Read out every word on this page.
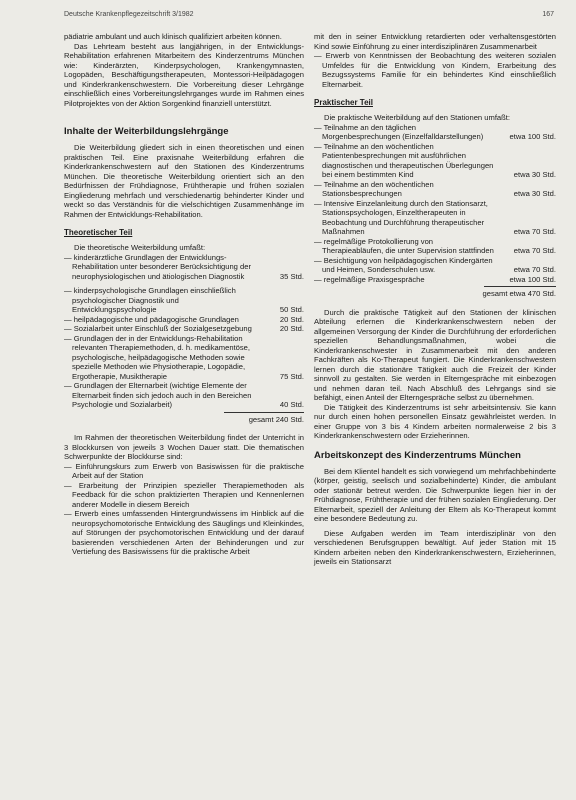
Deutsche Krankenpflegezeitschrift 3/1982	167

pädiatrie ambulant und auch klinisch qualifiziert arbeiten können.

Das Lehrteam besteht aus langjährigen, in der Entwicklungs-Rehabilitation erfahrenen Mitarbeitern des Kinderzentrums München wie: Kinderärzten, Kinderpsychologen, Krankengymnasten, Logopäden, Beschäftigungstherapeuten, Montessori-Heilpädagogen und Kinderkrankenschwestern. Die Vorbereitung dieser Lehrgänge einschließlich eines Vorbereitungslehrganges wurde im Rahmen eines Pilotprojektes von der Aktion Sorgenkind finanziell unterstützt.

Inhalte der Weiterbildungslehrgänge

Die Weiterbildung gliedert sich in einen theoretischen und einen praktischen Teil. Eine praxisnahe Weiterbildung erfahren die Kinderkrankenschwestern auf den Stationen des Kinderzentrums München. Die theoretische Weiterbildung orientiert sich an den Bedürfnissen der Frühdiagnose, Frühtherapie und frühen sozialen Eingliederung mehrfach und verschiedenartig behinderter Kinder und weckt so das Verständnis für die vielschichtigen Zusammenhänge im Rahmen der Entwicklungs-Rehabilitation.

Theoretischer Teil

Die theoretische Weiterbildung umfaßt:

— kinderärztliche Grundlagen der Entwicklungs-Rehabilitation unter besonderer Berücksichtigung der neurophysiologischen und ätiologischen Diagnostik	35 Std.
— kinderpsychologische Grundlagen einschließlich psychologischer Diagnostik und Entwicklungspsychologie	50 Std.
— heilpädagogische und pädagogische Grundlagen	20 Std.
— Sozialarbeit unter Einschluß der Sozialgesetzgebung	20 Std.
— Grundlagen der in der Entwicklungs-Rehabilitation relevanten Therapiemethoden, d. h. medikamentöse, psychologische, heilpädagogische Methoden sowie spezielle Methoden wie Physiotherapie, Logopädie, Ergotherapie, Musiktherapie	75 Std.
— Grundlagen der Elternarbeit (wichtige Elemente der Elternarbeit finden sich jedoch auch in den Bereichen Psychologie und Sozialarbeit)	40 Std.
gesamt 240 Std.

Im Rahmen der theoretischen Weiterbildung findet der Unterricht in 3 Blockkursen von jeweils 3 Wochen Dauer statt. Die thematischen Schwerpunkte der Blockkurse sind:

— Einführungskurs zum Erwerb von Basiswissen für die praktische Arbeit auf der Station

— Erarbeitung der Prinzipien spezieller Therapiemethoden als Feedback für die schon praktizierten Therapien und Kennenlernen anderer Modelle in diesem Bereich

— Erwerb eines umfassenden Hintergrundwissens im Hinblick auf die neuropsychomotorische Entwicklung des Säuglings und Kleinkindes, auf Störungen der psychomotorischen Entwicklung und der darauf basierenden verschiedenen Arten der Behinderungen und zur Vertiefung des Basiswissens für die praktische Arbeit

mit den in seiner Entwicklung retardierten oder verhaltensgestörten Kind sowie Einführung zu einer interdisziplinären Zusammenarbeit

— Erwerb von Kenntnissen der Beobachtung des weiteren sozialen Umfeldes für die Entwicklung von Kindern, Erarbeitung des Bezugssystems Familie für ein behindertes Kind einschließlich Elternarbeit.

Praktischer Teil

Die praktische Weiterbildung auf den Stationen umfaßt:

— Teilnahme an den täglichen Morgenbesprechungen (Einzelfalldarstellungen)	etwa 100 Std.
— Teilnahme an den wöchentlichen Patientenbesprechungen mit ausführlichen diagnostischen und therapeutischen Überlegungen bei einem bestimmten Kind	etwa 30 Std.
— Teilnahme an den wöchentlichen Stationsbesprechungen	etwa 30 Std.
— Intensive Einzelanleitung durch den Stationsarzt, Stationspsychologen, Einzeltherapeuten in Beobachtung und Durchführung therapeutischer Maßnahmen	etwa 70 Std.
— regelmäßige Protokollierung von Therapieabläufen, die unter Supervision stattfinden	etwa 70 Std.
— Besichtigung von heilpädagogischen Kindergärten und Heimen, Sonderschulen usw.	etwa 70 Std.
— regelmäßige Praxisgespräche	etwa 100 Std.
gesamt etwa 470 Std.

Durch die praktische Tätigkeit auf den Stationen der klinischen Abteilung erlernen die Kinderkrankenschwestern neben der allgemeinen Versorgung der Kinder die Durchführung der erforderlichen speziellen Behandlungsmaßnahmen, wobei die Kinderkrankenschwester in Zusammenarbeit mit den anderen Fachkräften als Ko-Therapeut fungiert. Die Kinderkrankenschwestern lernen durch die stationäre Tätigkeit auch die Freizeit der Kinder sinnvoll zu gestalten. Sie werden in Elterngespräche mit einbezogen und nehmen daran teil. Nach Abschluß des Lehrgangs sind sie befähigt, einen Anteil der Elterngespräche selbst zu übernehmen.

Die Tätigkeit des Kinderzentrums ist sehr arbeitsintensiv. Sie kann nur durch einen hohen personellen Einsatz gewährleistet werden. In einer Gruppe von 3 bis 4 Kindern arbeiten normalerweise 2 bis 3 Kinderkrankenschwestern oder Erzieherinnen.

Arbeitskonzept des Kinderzentrums München

Bei dem Klientel handelt es sich vorwiegend um mehrfachbehinderte (körper, geistig, seelisch und sozialbehinderte) Kinder, die ambulant oder stationär betreut werden. Die Schwerpunkte liegen hier in der Frühdiagnose, Frühtherapie und der frühen sozialen Eingliederung. Der Elternarbeit, speziell der Anleitung der Eltern als Ko-Therapeut kommt eine besondere Bedeutung zu.

Diese Aufgaben werden im Team interdisziplinär von den verschiedenen Berufsgruppen bewältigt. Auf jeder Station mit 15 Kindern arbeiten neben den Kinderkrankenschwestern, Erzieherinnen, jeweils ein Stationsarzt
